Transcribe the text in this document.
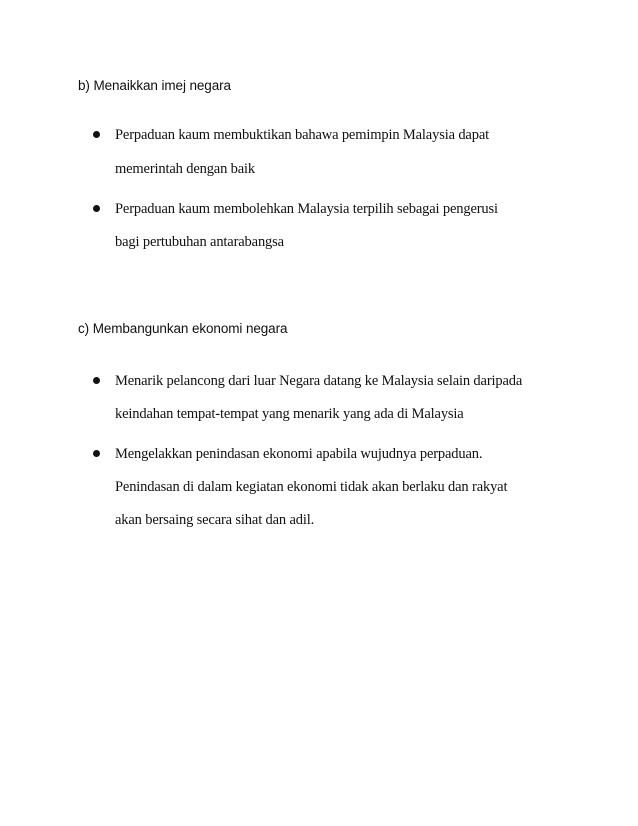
b) Menaikkan imej negara
Perpaduan kaum membuktikan bahawa pemimpin Malaysia dapat
memerintah dengan baik
Perpaduan kaum membolehkan Malaysia terpilih sebagai pengerusi
bagi pertubuhan antarabangsa
c) Membangunkan ekonomi negara
Menarik pelancong dari luar Negara datang ke Malaysia selain daripada
keindahan tempat-tempat yang menarik yang ada di Malaysia
Mengelakkan penindasan ekonomi apabila wujudnya perpaduan.
Penindasan di dalam kegiatan ekonomi tidak akan berlaku dan rakyat
akan bersaing secara sihat dan adil.
